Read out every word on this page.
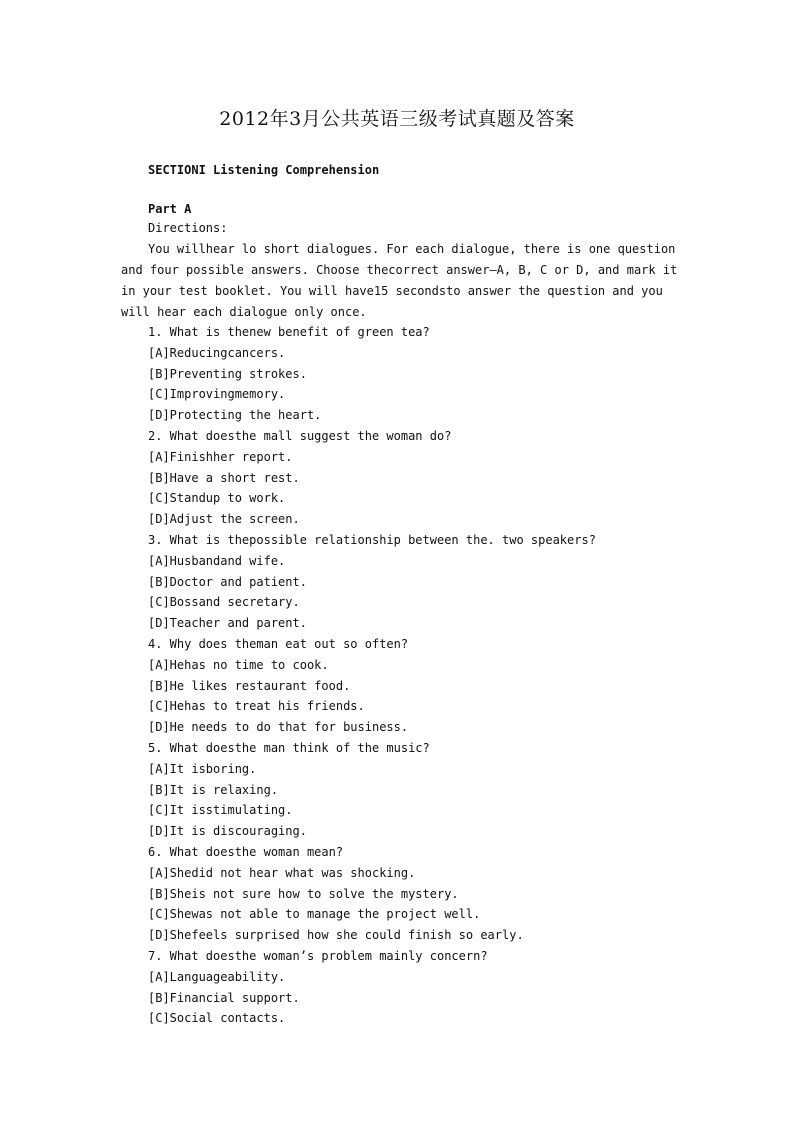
2012年3月公共英语三级考试真题及答案
SECTIONI Listening Comprehension
Part A
Directions:
You willhear lo short dialogues. For each dialogue, there is one question
and four possible answers. Choose thecorrect answer—A, B, C or D, and mark it
in your test booklet. You will have15 secondsto answer the question and you
will hear each dialogue only once.
1. What is thenew benefit of green tea?
[A]Reducingcancers.
[B]Preventing strokes.
[C]Improvingmemory.
[D]Protecting the heart.
2. What doesthe mall suggest the woman do?
[A]Finishher report.
[B]Have a short rest.
[C]Standup to work.
[D]Adjust the screen.
3. What is thepossible relationship between the. two speakers?
[A]Husbandand wife.
[B]Doctor and patient.
[C]Bossand secretary.
[D]Teacher and parent.
4. Why does theman eat out so often?
[A]Hehas no time to cook.
[B]He likes restaurant food.
[C]Hehas to treat his friends.
[D]He needs to do that for business.
5. What doesthe man think of the music?
[A]It isboring.
[B]It is relaxing.
[C]It isstimulating.
[D]It is discouraging.
6. What doesthe woman mean?
[A]Shedid not hear what was shocking.
[B]Sheis not sure how to solve the mystery.
[C]Shewas not able to manage the project well.
[D]Shefeels surprised how she could finish so early.
7. What doesthe woman’s problem mainly concern?
[A]Languageability.
[B]Financial support.
[C]Social contacts.
